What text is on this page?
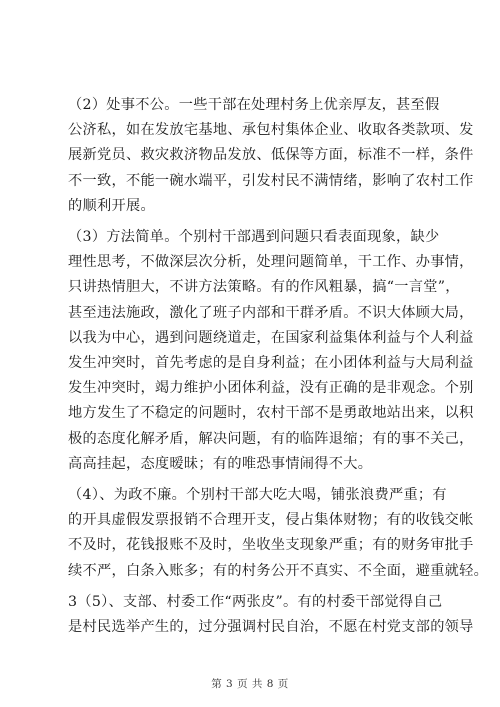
（2）处事不公。一些干部在处理村务上优亲厚友，甚至假
公济私，如在发放宅基地、承包村集体企业、收取各类款项、发
展新党员、救灾救济物品发放、低保等方面，标准不一样，条件
不一致，不能一碗水端平，引发村民不满情绪，影响了农村工作
的顺利开展。

（3）方法简单。个别村干部遇到问题只看表面现象，缺少
理性思考，不做深层次分析，处理问题简单，干工作、办事情，
只讲热情胆大，不讲方法策略。有的作风粗暴，搞“一言堂”，
甚至违法施政，激化了班子内部和干群矛盾。不识大体顾大局，
以我为中心，遇到问题绕道走，在国家利益集体利益与个人利益
发生冲突时，首先考虑的是自身利益；在小团体利益与大局利益
发生冲突时，竭力维护小团体利益，没有正确的是非观念。个别
地方发生了不稳定的问题时，农村干部不是勇敢地站出来，以积
极的态度化解矛盾，解决问题，有的临阵退缩；有的事不关己，
高高挂起，态度暧昧；有的唯恐事情闹得不大。

（4）、为政不廉。个别村干部大吃大喝，铺张浪费严重；有
的开具虚假发票报销不合理开支，侵占集体财物；有的收钱交帐
不及时，花钱报账不及时，坐收坐支现象严重；有的财务审批手
续不严，白条入账多；有的村务公开不真实、不全面，避重就轻。

3（5）、支部、村委工作“两张皮”。有的村委干部觉得自己
是村民选举产生的，过分强调村民自治，不愿在村党支部的领导

第 3 页 共 8 页
